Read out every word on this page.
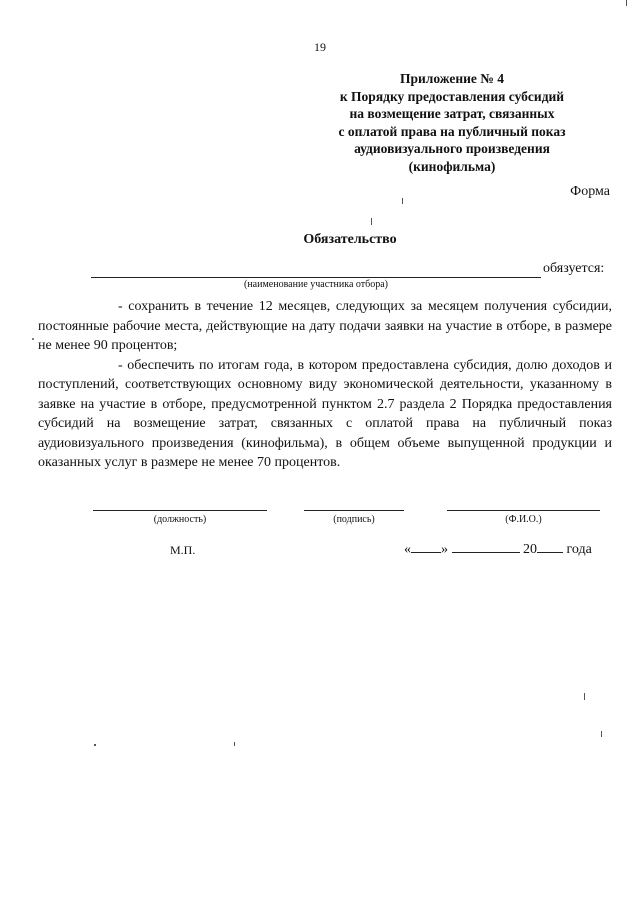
19
Приложение № 4
к Порядку предоставления субсидий
на возмещение затрат, связанных
с оплатой права на публичный показ
аудиовизуального произведения
(кинофильма)
Форма
Обязательство
обязуется:
(наименование участника отбора)

- сохранить в течение 12 месяцев, следующих за месяцем получения субсидии, постоянные рабочие места, действующие на дату подачи заявки на участие в отборе, в размере не менее 90 процентов;

- обеспечить по итогам года, в котором предоставлена субсидия, долю доходов и поступлений, соответствующих основному виду экономической деятельности, указанному в заявке на участие в отборе, предусмотренной пунктом 2.7 раздела 2 Порядка предоставления субсидий на возмещение затрат, связанных с оплатой права на публичный показ аудиовизуального произведения (кинофильма), в общем объеме выпущенной продукции и оказанных услуг в размере не менее 70 процентов.

(должность)	(подпись)	(Ф.И.О.)
М.П.	« »	20 года
